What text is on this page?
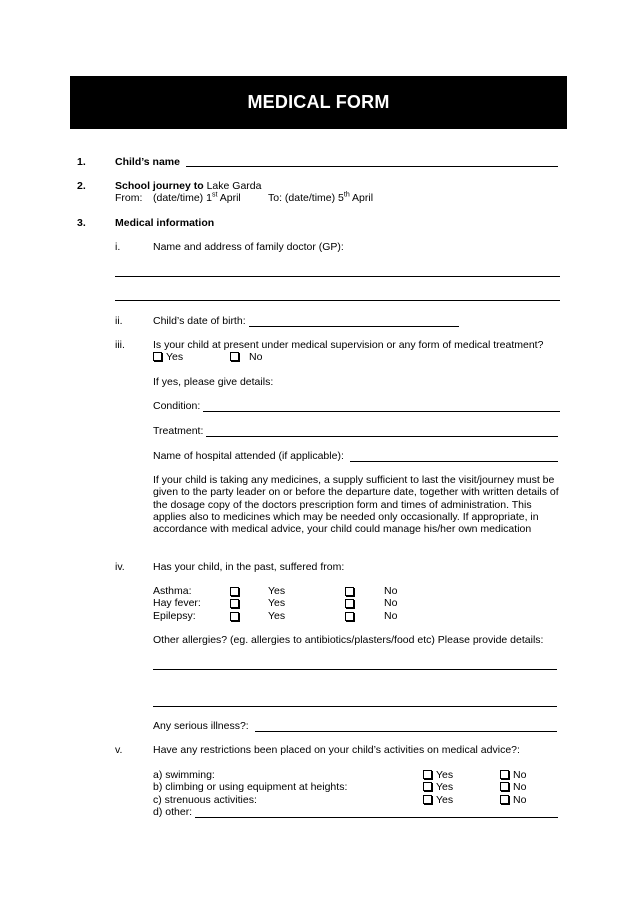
MEDICAL FORM
1.	Child’s name
2.	School journey to Lake Garda
From: (date/time) 1st April	To: (date/time) 5th April
3.	Medical information
i.	Name and address of family doctor (GP):
ii.	Child’s date of birth:
iii.	Is your child at present under medical supervision or any form of medical treatment?
Yes	No
If yes, please give details:
Condition:
Treatment:
Name of hospital attended (if applicable):
If your child is taking any medicines, a supply sufficient to last the visit/journey must be given to the party leader on or before the departure date, together with written details of the dosage copy of the doctors prescription form and times of administration. This applies also to medicines which may be needed only occasionally. If appropriate, in accordance with medical advice, your child could manage his/her own medication
iv.	Has your child, in the past, suffered from:
Asthma:	Yes	No
Hay fever:	Yes	No
Epilepsy:	Yes	No
Other allergies? (eg. allergies to antibiotics/plasters/food etc) Please provide details:
Any serious illness?:
v.	Have any restrictions been placed on your child’s activities on medical advice?:
a) swimming:	Yes	No
b) climbing or using equipment at heights:	Yes	No
c) strenuous activities:	Yes	No
d) other:
